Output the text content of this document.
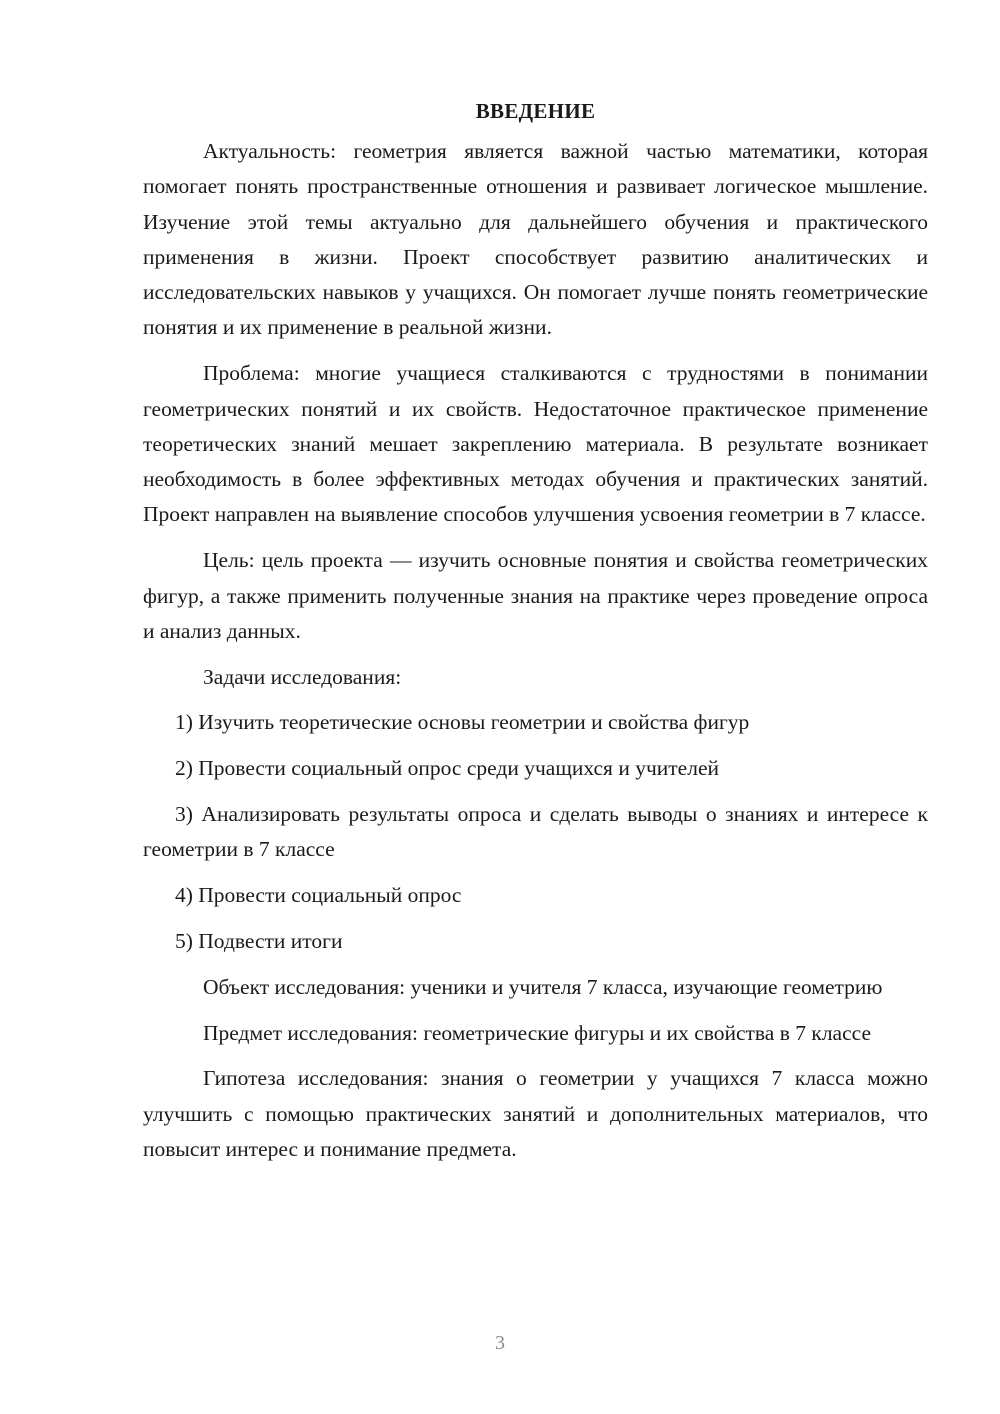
ВВЕДЕНИЕ

Актуальность: геометрия является важной частью математики, которая помогает понять пространственные отношения и развивает логическое мышление. Изучение этой темы актуально для дальнейшего обучения и практического применения в жизни. Проект способствует развитию аналитических и исследовательских навыков у учащихся. Он помогает лучше понять геометрические понятия и их применение в реальной жизни.

Проблема: многие учащиеся сталкиваются с трудностями в понимании геометрических понятий и их свойств. Недостаточное практическое применение теоретических знаний мешает закреплению материала. В результате возникает необходимость в более эффективных методах обучения и практических занятий. Проект направлен на выявление способов улучшения усвоения геометрии в 7 классе.

Цель: цель проекта — изучить основные понятия и свойства геометрических фигур, а также применить полученные знания на практике через проведение опроса и анализ данных.

Задачи исследования:

1) Изучить теоретические основы геометрии и свойства фигур

2) Провести социальный опрос среди учащихся и учителей

3) Анализировать результаты опроса и сделать выводы о знаниях и интересе к геометрии в 7 классе

4) Провести социальный опрос

5) Подвести итоги

Объект исследования: ученики и учителя 7 класса, изучающие геометрию

Предмет исследования: геометрические фигуры и их свойства в 7 классе

Гипотеза исследования: знания о геометрии у учащихся 7 класса можно улучшить с помощью практических занятий и дополнительных материалов, что повысит интерес и понимание предмета.

3
